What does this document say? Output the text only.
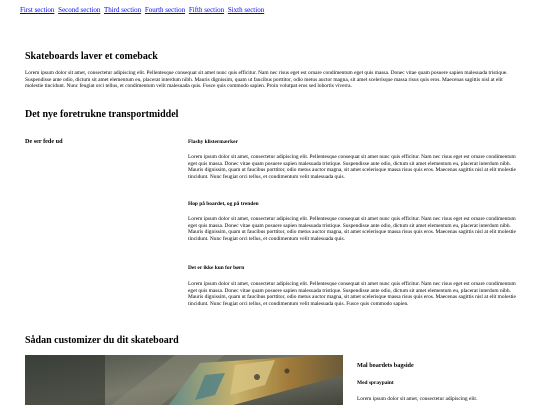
First section Second section Third section Fourth section Fifth section Sixth section
Skateboards laver et comeback

Lorem ipsum dolor sit amet, consectetur adipiscing elit. Pellentesque consequat sit amet nunc quis efficitur. Nam nec risus eget est ornare condimentum eget quis massa. Donec vitae quam posuere sapien malesuada tristique. Suspendisse ante odio, dictum sit amet elementum eu, placerat interdum nibh. Mauris dignissim, quam ut faucibus porttitor, odio metus auctor magna, sit amet scelerisque massa risus quis eros. Maecenas sagittis nisl at elit molestie tincidunt. Nunc feugiat orci tellus, et condimentum velit malesuada quis. Fusce quis commodo sapien. Proin volutpat eros sed lobortis viverra.

Det nye foretrukne transportmiddel
De ser fede ud	Flashy klistermærker

Lorem ipsum dolor sit amet, consectetur adipiscing elit. Pellentesque consequat sit amet nunc quis efficitur. Nam nec risus eget est ornare condimentum eget quis massa. Donec vitae quam posuere sapien malesuada tristique. Suspendisse ante odio, dictum sit amet elementum eu, placerat interdum nibh. Mauris dignissim, quam ut faucibus porttitor, odio metus auctor magna, sit amet scelerisque massa risus quis eros. Maecenas sagittis nisl at elit molestie tincidunt. Nunc feugiat orci tellus, et condimentum velit malesuada quis.

Hop på boardet, og på trenden

Lorem ipsum dolor sit amet, consectetur adipiscing elit. Pellentesque consequat sit amet nunc quis efficitur. Nam nec risus eget est ornare condimentum eget quis massa. Donec vitae quam posuere sapien malesuada tristique. Suspendisse ante odio, dictum sit amet elementum eu, placerat interdum nibh. Mauris dignissim, quam ut faucibus porttitor, odio metus auctor magna, sit amet scelerisque massa risus quis eros. Maecenas sagittis nisl at elit molestie tincidunt. Nunc feugiat orci tellus, et condimentum velit malesuada quis.

Det er ikke kun for børn

Lorem ipsum dolor sit amet, consectetur adipiscing elit. Pellentesque consequat sit amet nunc quis efficitur. Nam nec risus eget est ornare condimentum eget quis massa. Donec vitae quam posuere sapien malesuada tristique. Suspendisse ante odio, dictum sit amet elementum eu, placerat interdum nibh. Mauris dignissim, quam ut faucibus porttitor, odio metus auctor magna, sit amet scelerisque massa risus quis eros. Maecenas sagittis nisl at elit molestie tincidunt. Nunc feugiat orci tellus, et condimentum velit malesuada quis. Fusce quis commodo sapien.

Sådan customizer du dit skateboard
Mal boardets bagside
Med spraypaint

Lorem ipsum dolor sit amet, consectetur adipiscing elit.
